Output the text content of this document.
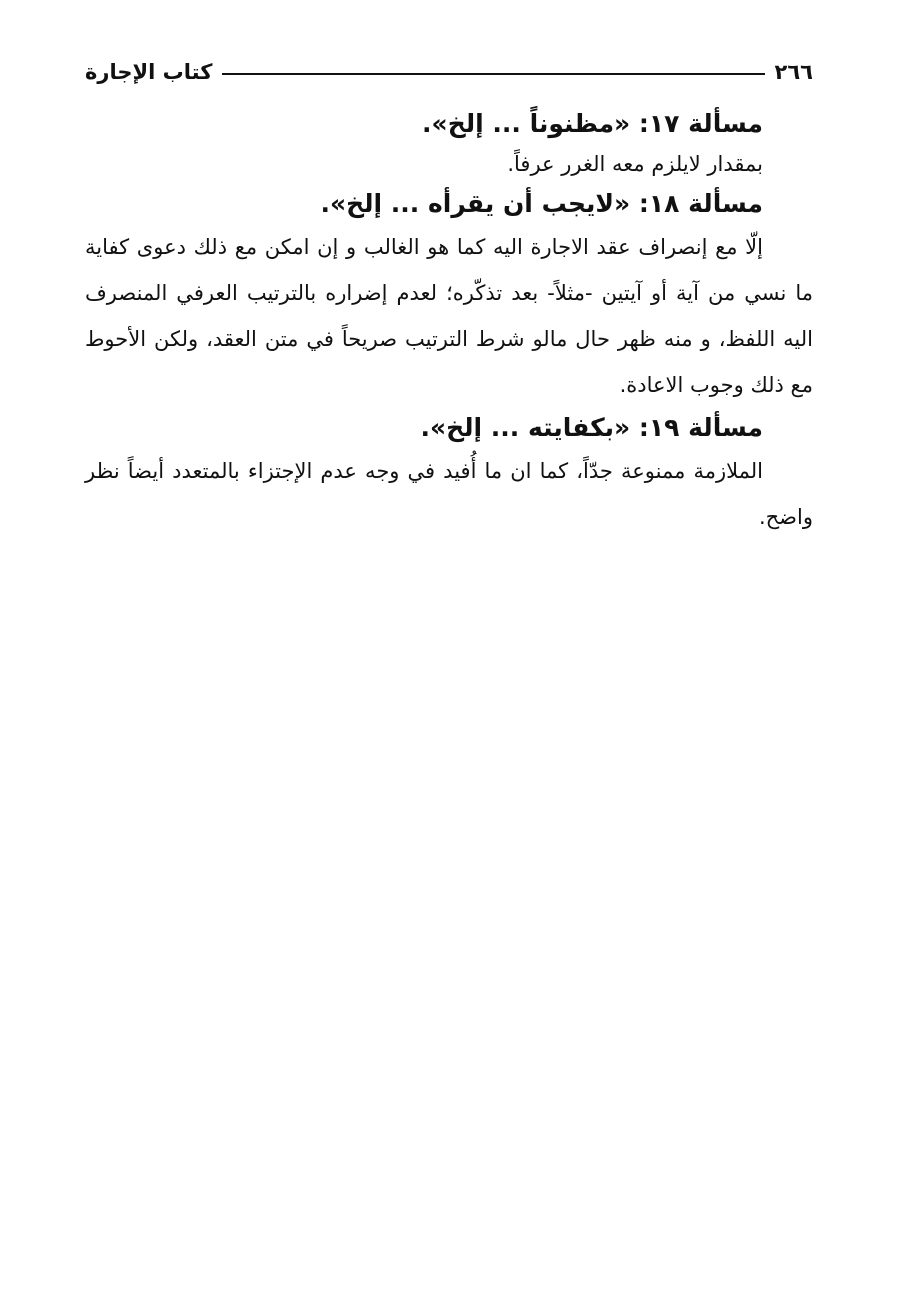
٢٦٦
كتاب الإجارة

مسألة ١٧: «مظنوناً ... إلخ».

بمقدار لايلزم معه الغرر عرفاً.

مسألة ١٨: «لايجب أن يقرأه ... إلخ».

إلّا مع إنصراف عقد الاجارة اليه كما هو الغالب و إن امكن مع ذلك دعوى كفاية ما نسي من آية أو آيتين -مثلاً- بعد تذكّره؛ لعدم إضراره بالترتيب العرفي المنصرف اليه اللفظ، و منه ظهر حال مالو شرط الترتيب صريحاً في متن العقد، ولكن الأحوط مع ذلك وجوب الاعادة.

مسألة ١٩: «بكفايته ... إلخ».

الملازمة ممنوعة جدّاً، كما ان ما أُفيد في وجه عدم الإجتزاء بالمتعدد أيضاً نظر واضح.
